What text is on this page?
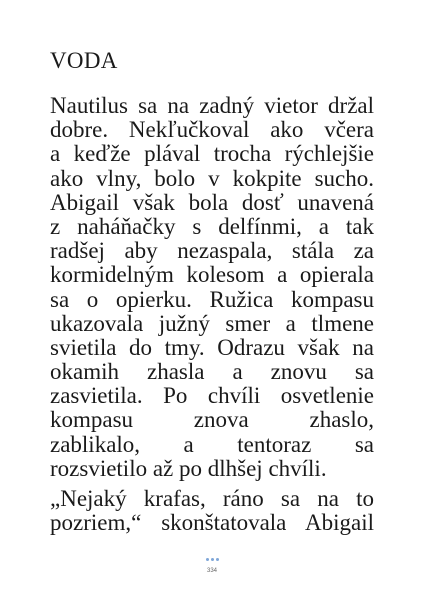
VODA
Nautilus sa na zadný vietor držal
dobre. Nekľučkoval ako včera
a keďže plával trocha rýchlejšie
ako vlny, bolo v kokpite sucho.
Abigail však bola dosť unavená
z naháňačky s delfínmi, a tak
radšej aby nezaspala, stála za
kormidelným kolesom a opierala
sa o opierku. Ružica kompasu
ukazovala južný smer a tlmene
svietila do tmy. Odrazu však na
okamih zhasla a znovu sa
zasvietila. Po chvíli osvetlenie
kompasu znova zhaslo,
zablikalo, a tentoraz sa
rozsvietilo až po dlhšej chvíli.
„Nejaký krafas, ráno sa na to
pozriem,“ skonštatovala Abigail
334
